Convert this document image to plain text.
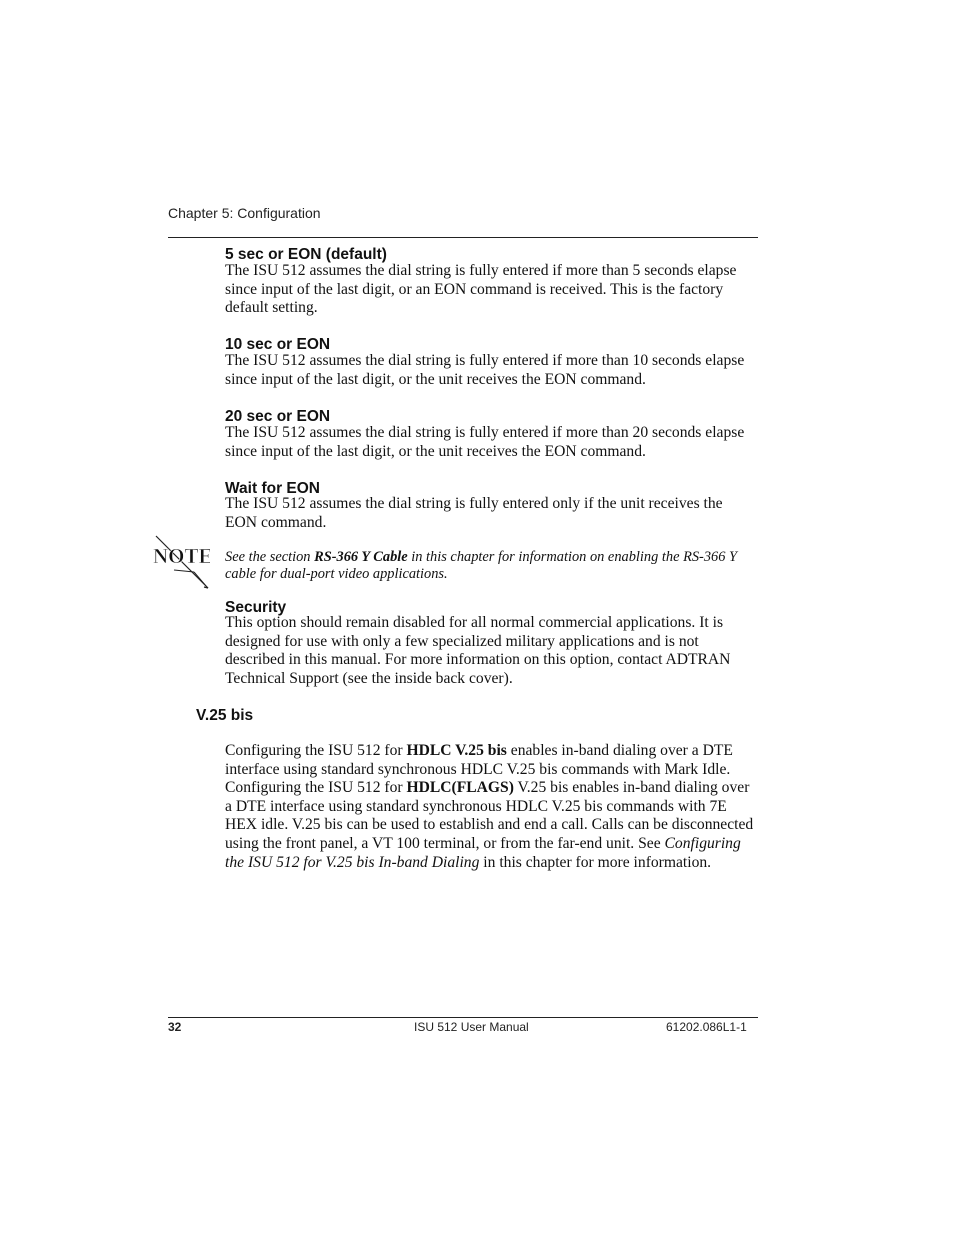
Chapter 5: Configuration
5 sec or EON (default)
The ISU 512 assumes the dial string is fully entered if more than 5 seconds elapse since input of the last digit, or an EON command is received. This is the factory default setting.
10 sec or EON
The ISU 512 assumes the dial string is fully entered if more than 10 seconds elapse since input of the last digit, or the unit receives the EON command.
20 sec or EON
The ISU 512 assumes the dial string is fully entered if more than 20 seconds elapse since input of the last digit, or the unit receives the EON command.
Wait for EON
The ISU 512 assumes the dial string is fully entered only if the unit receives the EON command.
NOTE See the section RS-366 Y Cable in this chapter for information on enabling the RS-366 Y cable for dual-port video applications.
Security
This option should remain disabled for all normal commercial applications. It is designed for use with only a few specialized military applications and is not described in this manual. For more information on this option, contact ADTRAN Technical Support (see the inside back cover).
V.25 bis
Configuring the ISU 512 for HDLC V.25 bis enables in-band dialing over a DTE interface using standard synchronous HDLC V.25 bis commands with Mark Idle. Configuring the ISU 512 for HDLC(FLAGS) V.25 bis enables in-band dialing over a DTE interface using standard synchronous HDLC V.25 bis commands with 7E HEX idle. V.25 bis can be used to establish and end a call. Calls can be disconnected using the front panel, a VT 100 terminal, or from the far-end unit. See Configuring the ISU 512 for V.25 bis In-band Dialing in this chapter for more information.
32	ISU 512 User Manual	61202.086L1-1
